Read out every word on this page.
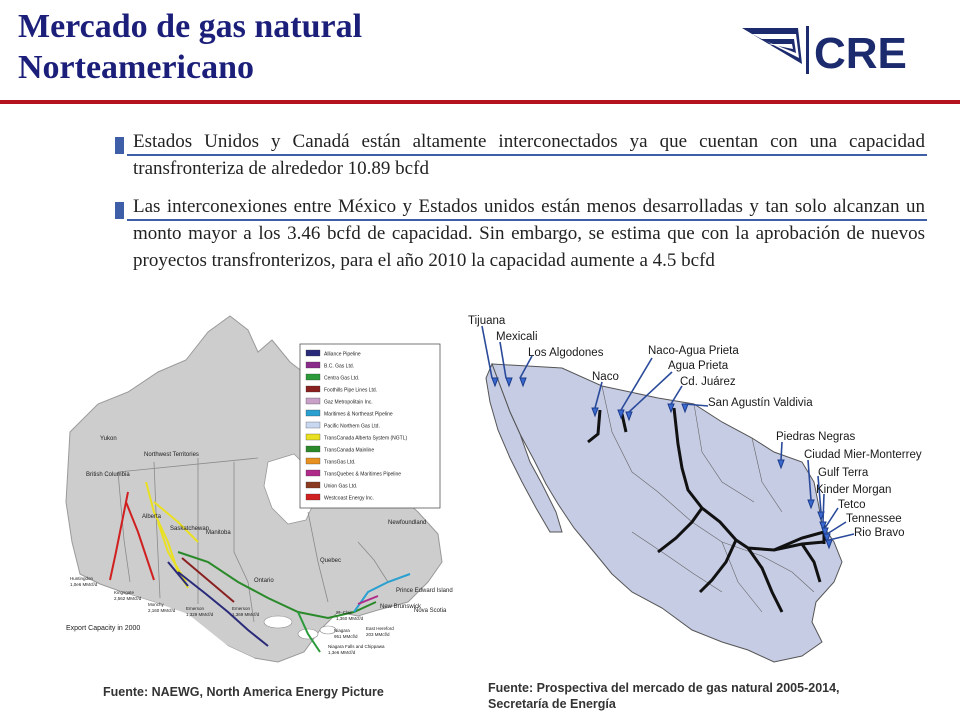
Mercado de gas natural
Norteamericano	CRE
Estados Unidos y Canadá están altamente interconectados ya que cuentan con una capacidad transfronteriza de alrededor 10.89 bcfd
Las interconexiones entre México y Estados unidos están menos desarrolladas y tan solo alcanzan un monto mayor a los 3.46 bcfd de capacidad. Sin embargo, se estima que con la aprobación de nuevos proyectos transfronterizos, para el año 2010 la capacidad aumente a 4.5 bcfd
Yukon
Northwest Territories
British Columbia
Alberta
Saskatchewan
Manitoba
Ontario
Quebec
Newfoundland
Prince Edward Island
New Brunswick
Nova Scotia
Export Capacity in 2000
Huntingdon
1,0e6 MMcf/d
Kingsgate
2,562 MMcf/d
Monchy
2,160 MMcf/d Emerson
1,329 MMcf/d
Emerson
1,369 MMcf/d	St. Clair
1,360 MMcf/d
Niagara
951 MMcf/d
East Hereford
203 MMcf/d
Niagara Falls and Chippawa
1,3e6 MMcf/d
Alliance Pipeline
B.C. Gas Ltd.
Centra Gas Ltd.
Foothills Pipe Lines Ltd.
Gaz Metropolitain Inc.
Maritimes & Northeast Pipeline
Pacific Northern Gas Ltd.
TransCanada Alberta System (NGTL)
TransCanada Mainline
TransGas Ltd.
TransQuebec & Maritimes Pipeline
Union Gas Ltd.
Westcoast Energy Inc.
Tijuana
Mexicali
Los Algodones
Naco
Naco-Agua Prieta
Agua Prieta
Cd. Juárez
San Agustín Valdivia
Piedras Negras
Ciudad Mier-Monterrey
Gulf Terra
Kinder Morgan
Tetco
Tennessee
Rio Bravo
Fuente: NAEWG, North America Energy Picture	Fuente: Prospectiva del mercado de gas natural 2005-2014, Secretaría de Energía
